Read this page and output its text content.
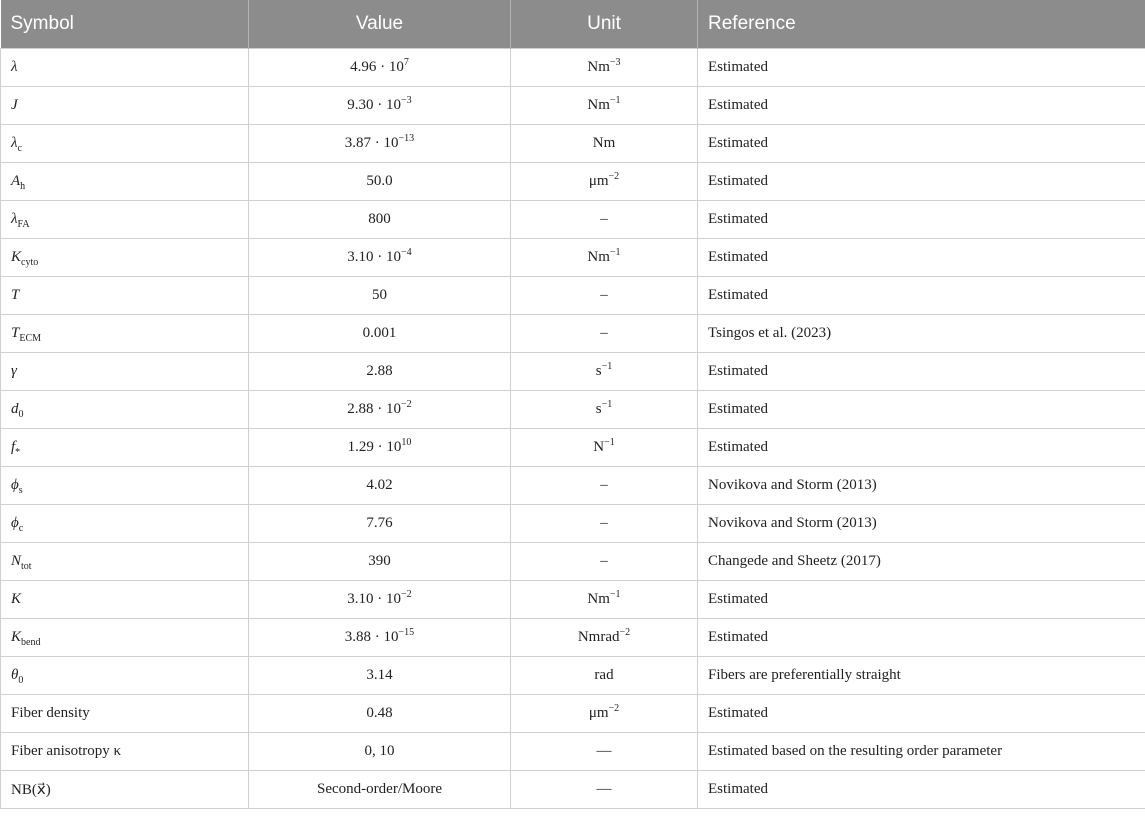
Symbol	Value	Unit	Reference
λ	$4.96 \cdot 10^7$	$Nm^{-3}$	Estimated
J	$9.30 \cdot 10^{-3}$	$Nm^{-1}$	Estimated
$\lambda_c$	$3.87 \cdot 10^{-13}$	Nm	Estimated
$A_h$	50.0	$\mu m^{-2}$	Estimated
$\lambda_{FA}$	800	–	Estimated
$K_{cyto}$	$3.10 \cdot 10^{-4}$	$Nm^{-1}$	Estimated
T	50	–	Estimated
$T_{ECM}$	0.001	–	Tsingos et al. (2023)
γ	2.88	$s^{-1}$	Estimated
$d_0$	$2.88 \cdot 10^{-2}$	$s^{-1}$	Estimated
$f_*$	$1.29 \cdot 10^{10}$	$N^{-1}$	Estimated
$\phi_s$	4.02	–	Novikova and Storm (2013)
$\phi_c$	7.76	–	Novikova and Storm (2013)
$N_{tot}$	390	–	Changede and Sheetz (2017)
K	$3.10 \cdot 10^{-2}$	$Nm^{-1}$	Estimated
$K_{bend}$	$3.88 \cdot 10^{-15}$	Nmrad$^{-2}$	Estimated
$\theta_0$	3.14	rad	Fibers are preferentially straight
Fiber density	0.48	$\mu m^{-2}$	Estimated
Fiber anisotropy κ	0, 10	—	Estimated based on the resulting order parameter
NB(x⃗)	Second-order/Moore	—	Estimated
